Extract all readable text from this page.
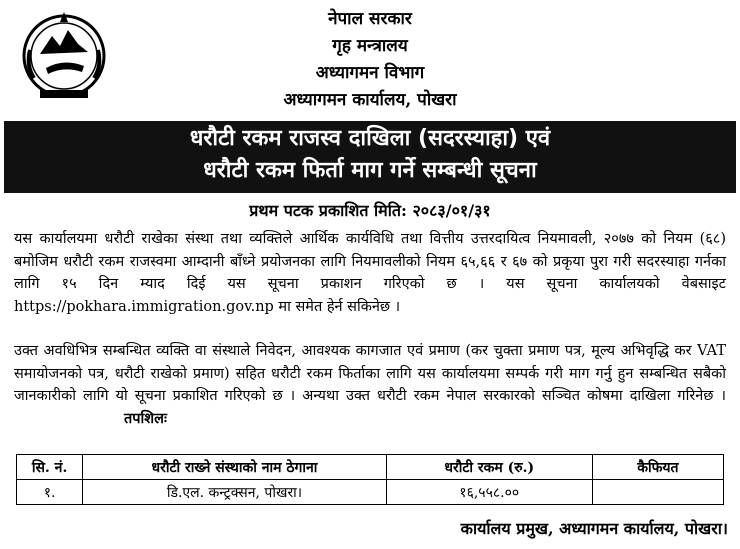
नेपाल सरकार
गृह मन्त्रालय
अध्यागमन विभाग
अध्यागमन कार्यालय, पोखरा
धरौटी रकम राजस्व दाखिला (सदरस्याहा) एवं
धरौटी रकम फिर्ता माग गर्ने सम्बन्धी सूचना
प्रथम पटक प्रकाशित मिति: २०८३/०१/३१
यस कार्यालयमा धरौटी राखेका संस्था तथा व्यक्तिले आर्थिक कार्यविधि तथा वित्तीय उत्तरदायित्व नियमावली, २०७७ को नियम (६८) बमोजिम धरौटी रकम राजस्वमा आम्दानी बाँध्ने प्रयोजनका लागि नियमावलीको नियम ६५,६६ र ६७ को प्रकृया पुरा गरी सदरस्याहा गर्नका लागि १५ दिन म्याद दिई यस सूचना प्रकाशन गरिएको छ । यस सूचना कार्यालयको वेबसाइट https://pokhara.immigration.gov.np मा समेत हेर्न सकिनेछ ।
उक्त अवधिभित्र सम्बन्धित व्यक्ति वा संस्थाले निवेदन, आवश्यक कागजात एवं प्रमाण (कर चुक्ता प्रमाण पत्र, मूल्य अभिवृद्धि कर VAT समायोजनको पत्र, धरौटी राखेको प्रमाण) सहित धरौटी रकम फिर्ताका लागि यस कार्यालयमा सम्पर्क गरी माग गर्नु हुन सम्बन्धित सबैको जानकारीको लागि यो सूचना प्रकाशित गरिएको छ । अन्यथा उक्त धरौटी रकम नेपाल सरकारको सञ्चित कोषमा दाखिला गरिनेछ ।तपशिलः
सि. नं.	धरौटी राख्ने संस्थाको नाम ठेगाना	धरौटी रकम (रु.)	कैफियत
१.	डि.एल. कन्ट्रक्सन, पोखरा।	१६,५५८.००	
कार्यालय प्रमुख, अध्यागमन कार्यालय, पोखरा।
